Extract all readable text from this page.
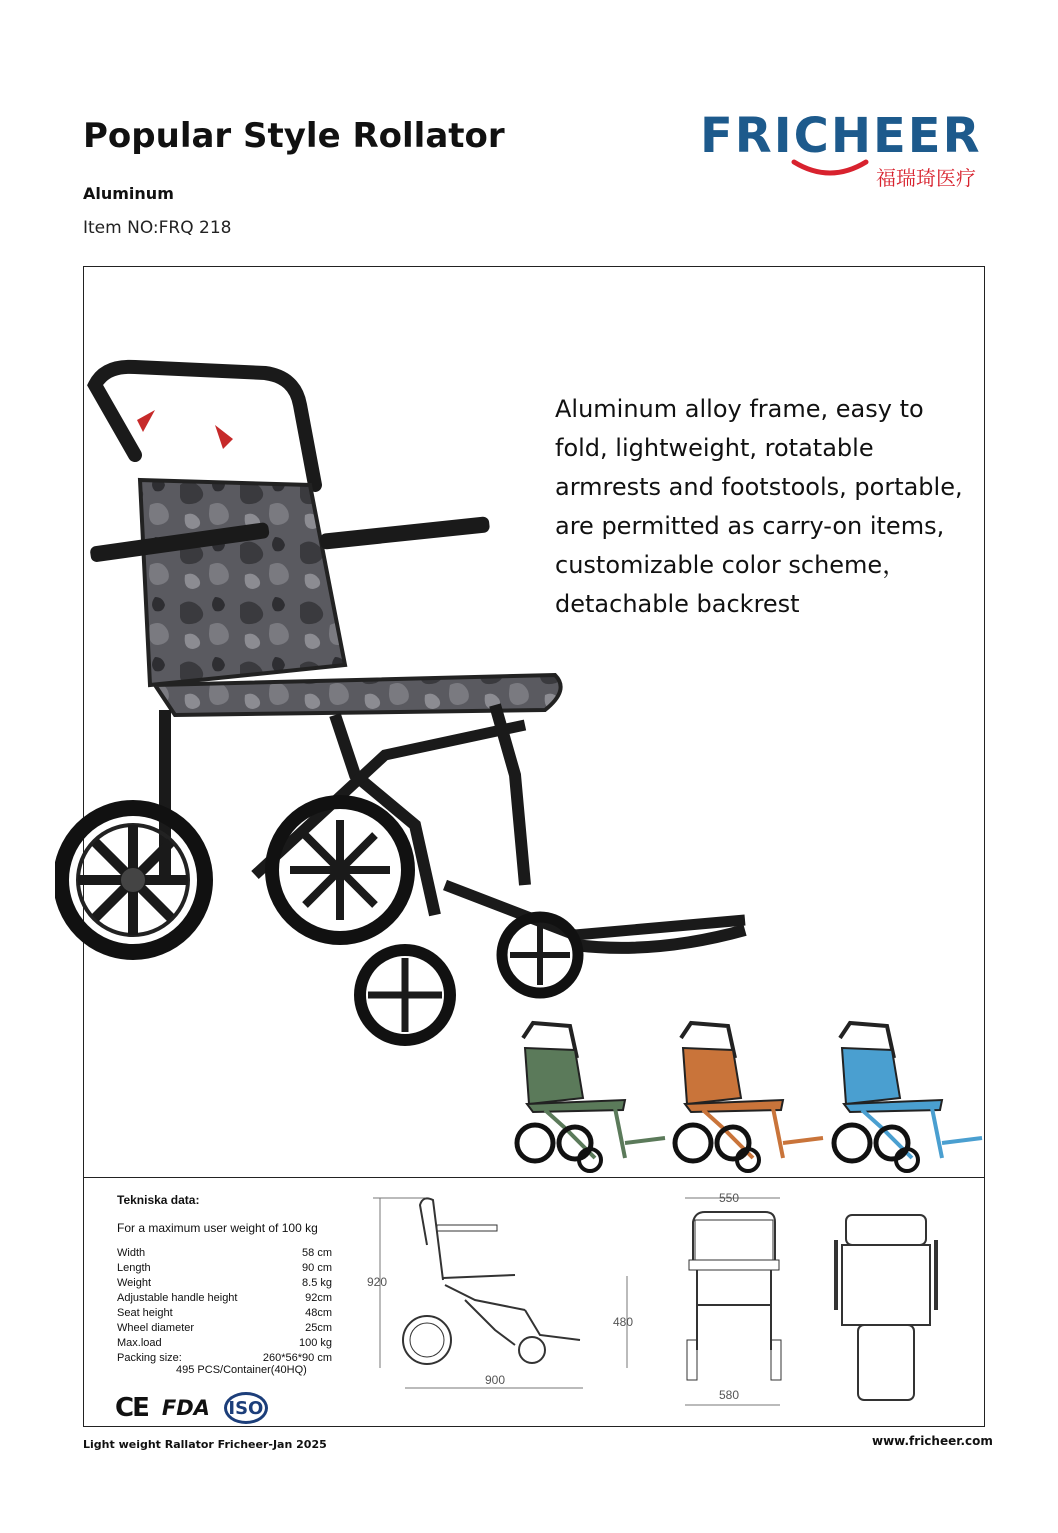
Popular Style Rollator
Aluminum
Item NO:FRQ 218
FRICHEER
福瑞琦医疗
Aluminum alloy frame, easy to fold, lightweight, rotatable armrests and footstools, portable, are permitted as carry-on items, customizable color scheme， detachable backrest
Tekniska data:
For a maximum user weight of 100 kg
Width	58 cm
Length	90 cm
Weight	8.5 kg
Adjustable handle height	92cm
Seat height	48cm
Wheel diameter	25cm
Max.load	100 kg
Packing size:	260*56*90 cm
495 PCS/Container(40HQ)
CE FDA ISO
920
480
900
550
580
Light weight Rallator Fricheer-Jan 2025	www.fricheer.com
